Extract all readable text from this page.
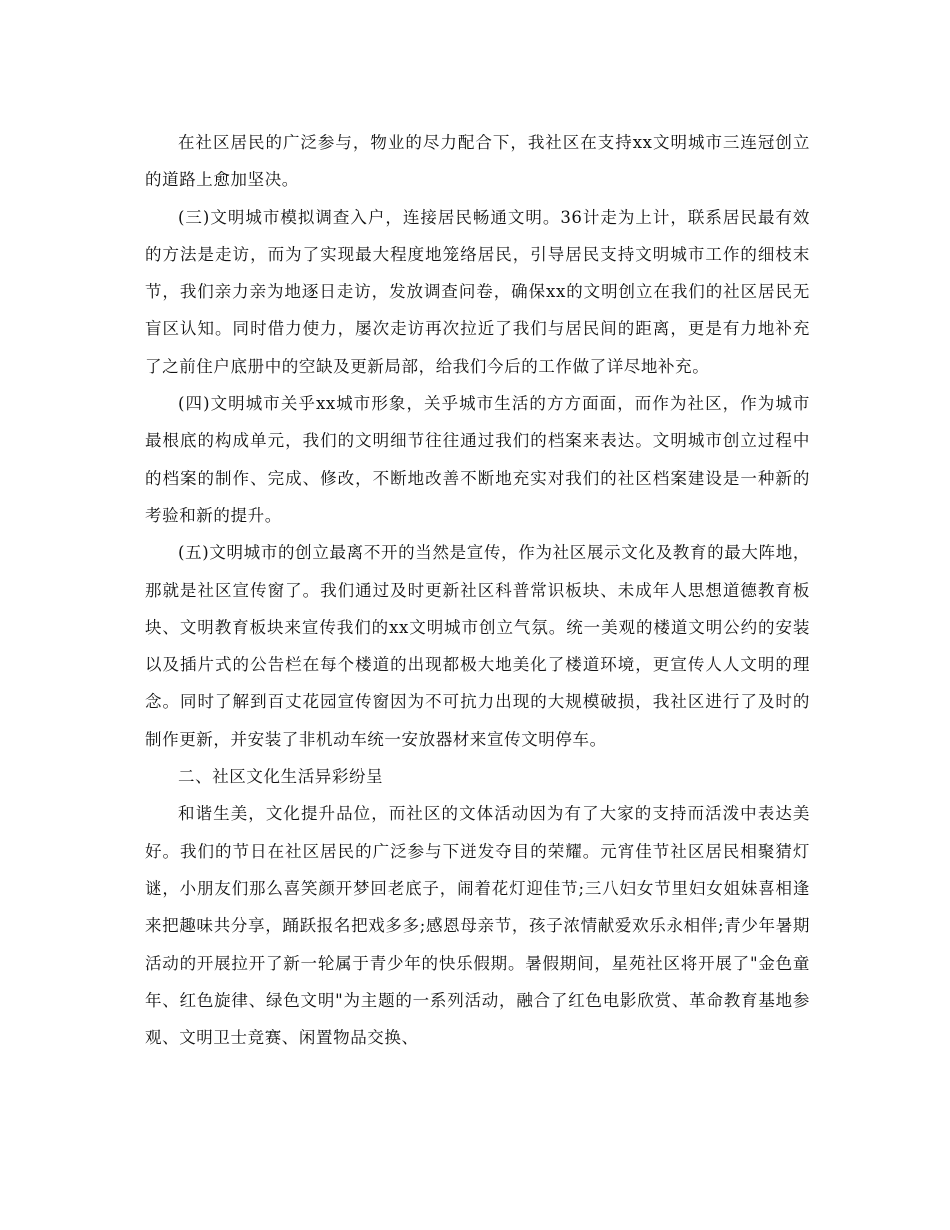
在社区居民的广泛参与，物业的尽力配合下，我社区在支持xx文明城市三连冠创立的道路上愈加坚决。

(三)文明城市模拟调查入户，连接居民畅通文明。36计走为上计，联系居民最有效的方法是走访，而为了实现最大程度地笼络居民，引导居民支持文明城市工作的细枝末节，我们亲力亲为地逐日走访，发放调查问卷，确保xx的文明创立在我们的社区居民无盲区认知。同时借力使力，屡次走访再次拉近了我们与居民间的距离，更是有力地补充了之前住户底册中的空缺及更新局部，给我们今后的工作做了详尽地补充。

(四)文明城市关乎xx城市形象，关乎城市生活的方方面面，而作为社区，作为城市最根底的构成单元，我们的文明细节往往通过我们的档案来表达。文明城市创立过程中的档案的制作、完成、修改，不断地改善不断地充实对我们的社区档案建设是一种新的考验和新的提升。

(五)文明城市的创立最离不开的当然是宣传，作为社区展示文化及教育的最大阵地，那就是社区宣传窗了。我们通过及时更新社区科普常识板块、未成年人思想道德教育板块、文明教育板块来宣传我们的xx文明城市创立气氛。统一美观的楼道文明公约的安装以及插片式的公告栏在每个楼道的出现都极大地美化了楼道环境，更宣传人人文明的理念。同时了解到百丈花园宣传窗因为不可抗力出现的大规模破损，我社区进行了及时的制作更新，并安装了非机动车统一安放器材来宣传文明停车。

二、社区文化生活异彩纷呈

和谐生美，文化提升品位，而社区的文体活动因为有了大家的支持而活泼中表达美好。我们的节日在社区居民的广泛参与下迸发夺目的荣耀。元宵佳节社区居民相聚猜灯谜，小朋友们那么喜笑颜开梦回老底子，闹着花灯迎佳节;三八妇女节里妇女姐妹喜相逢来把趣味共分享，踊跃报名把戏多多;感恩母亲节，孩子浓情献爱欢乐永相伴;青少年暑期活动的开展拉开了新一轮属于青少年的快乐假期。暑假期间，星苑社区将开展了"金色童年、红色旋律、绿色文明"为主题的一系列活动，融合了红色电影欣赏、革命教育基地参观、文明卫士竞赛、闲置物品交换、
